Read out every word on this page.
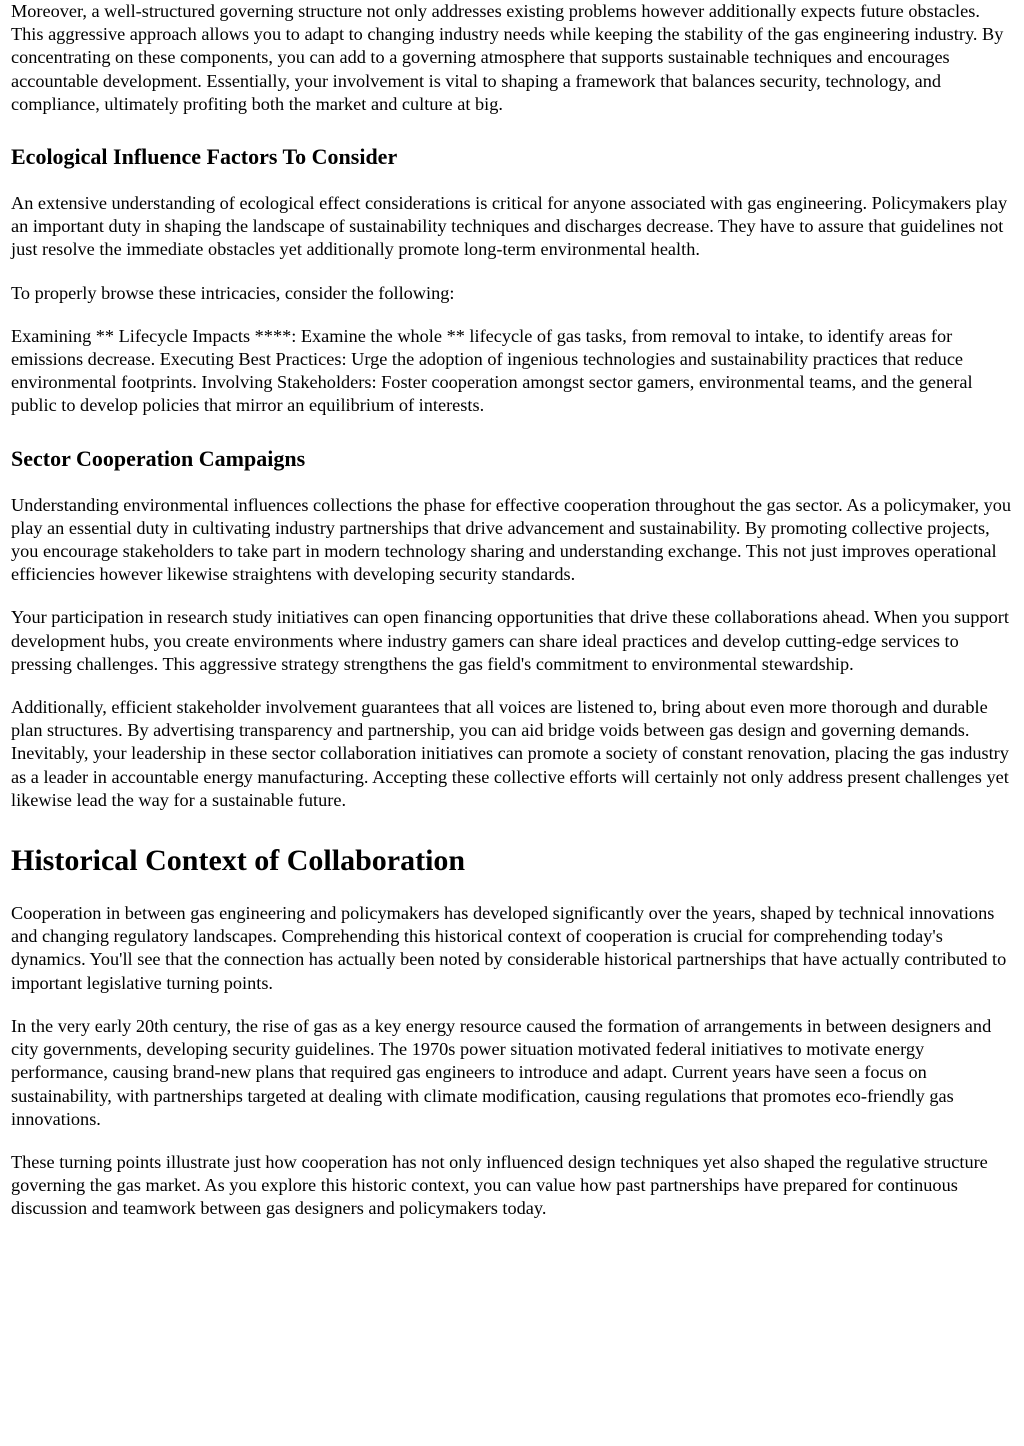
Moreover, a well-structured governing structure not only addresses existing problems however additionally expects future obstacles. This aggressive approach allows you to adapt to changing industry needs while keeping the stability of the gas engineering industry. By concentrating on these components, you can add to a governing atmosphere that supports sustainable techniques and encourages accountable development. Essentially, your involvement is vital to shaping a framework that balances security, technology, and compliance, ultimately profiting both the market and culture at big.

Ecological Influence Factors To Consider

An extensive understanding of ecological effect considerations is critical for anyone associated with gas engineering. Policymakers play an important duty in shaping the landscape of sustainability techniques and discharges decrease. They have to assure that guidelines not just resolve the immediate obstacles yet additionally promote long-term environmental health.

To properly browse these intricacies, consider the following:

Examining ** Lifecycle Impacts ****: Examine the whole ** lifecycle of gas tasks, from removal to intake, to identify areas for emissions decrease. Executing Best Practices: Urge the adoption of ingenious technologies and sustainability practices that reduce environmental footprints. Involving Stakeholders: Foster cooperation amongst sector gamers, environmental teams, and the general public to develop policies that mirror an equilibrium of interests.

Sector Cooperation Campaigns

Understanding environmental influences collections the phase for effective cooperation throughout the gas sector. As a policymaker, you play an essential duty in cultivating industry partnerships that drive advancement and sustainability. By promoting collective projects, you encourage stakeholders to take part in modern technology sharing and understanding exchange. This not just improves operational efficiencies however likewise straightens with developing security standards.

Your participation in research study initiatives can open financing opportunities that drive these collaborations ahead. When you support development hubs, you create environments where industry gamers can share ideal practices and develop cutting-edge services to pressing challenges. This aggressive strategy strengthens the gas field's commitment to environmental stewardship.

Additionally, efficient stakeholder involvement guarantees that all voices are listened to, bring about even more thorough and durable plan structures. By advertising transparency and partnership, you can aid bridge voids between gas design and governing demands. Inevitably, your leadership in these sector collaboration initiatives can promote a society of constant renovation, placing the gas industry as a leader in accountable energy manufacturing. Accepting these collective efforts will certainly not only address present challenges yet likewise lead the way for a sustainable future.

Historical Context of Collaboration

Cooperation in between gas engineering and policymakers has developed significantly over the years, shaped by technical innovations and changing regulatory landscapes. Comprehending this historical context of cooperation is crucial for comprehending today's dynamics. You'll see that the connection has actually been noted by considerable historical partnerships that have actually contributed to important legislative turning points.

In the very early 20th century, the rise of gas as a key energy resource caused the formation of arrangements in between designers and city governments, developing security guidelines. The 1970s power situation motivated federal initiatives to motivate energy performance, causing brand-new plans that required gas engineers to introduce and adapt. Current years have seen a focus on sustainability, with partnerships targeted at dealing with climate modification, causing regulations that promotes eco-friendly gas innovations.

These turning points illustrate just how cooperation has not only influenced design techniques yet also shaped the regulative structure governing the gas market. As you explore this historic context, you can value how past partnerships have prepared for continuous discussion and teamwork between gas designers and policymakers today.
